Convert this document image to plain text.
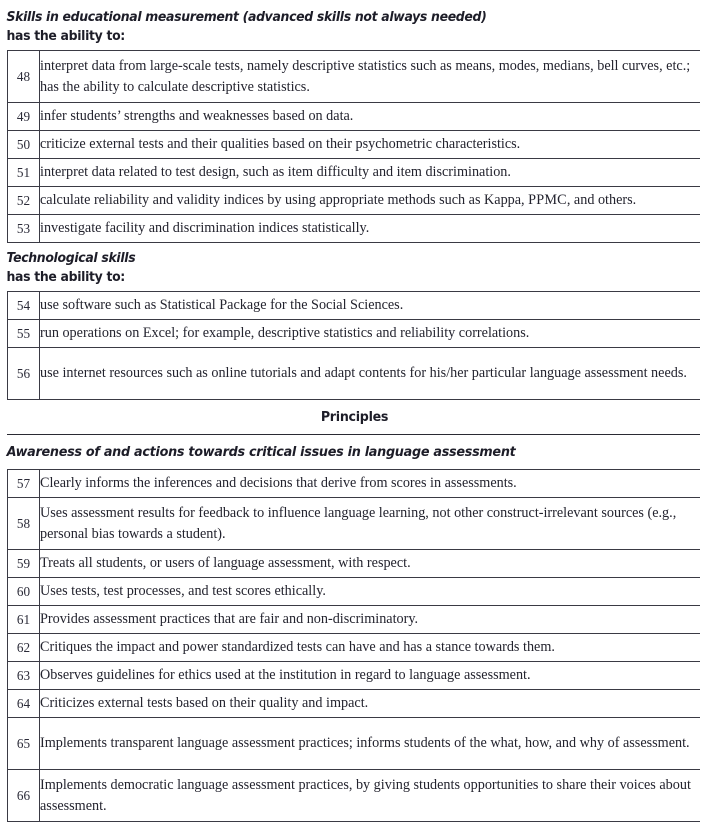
Skills in educational measurement (advanced skills not always needed)
has the ability to:
48	interpret data from large-scale tests, namely descriptive statistics such as means, modes, medians, bell curves, etc.; has the ability to calculate descriptive statistics.
49	infer students’ strengths and weaknesses based on data.
50	criticize external tests and their qualities based on their psychometric characteristics.
51	interpret data related to test design, such as item difficulty and item discrimination.
52	calculate reliability and validity indices by using appropriate methods such as Kappa, PPMC, and others.
53	investigate facility and discrimination indices statistically.
Technological skills
has the ability to:
54	use software such as Statistical Package for the Social Sciences.
55	run operations on Excel; for example, descriptive statistics and reliability correlations.
56	use internet resources such as online tutorials and adapt contents for his/her particular language assessment needs.
Principles
Awareness of and actions towards critical issues in language assessment
57	Clearly informs the inferences and decisions that derive from scores in assessments.
58	Uses assessment results for feedback to influence language learning, not other construct-irrelevant sources (e.g., personal bias towards a student).
59	Treats all students, or users of language assessment, with respect.
60	Uses tests, test processes, and test scores ethically.
61	Provides assessment practices that are fair and non-discriminatory.
62	Critiques the impact and power standardized tests can have and has a stance towards them.
63	Observes guidelines for ethics used at the institution in regard to language assessment.
64	Criticizes external tests based on their quality and impact.
65	Implements transparent language assessment practices; informs students of the what, how, and why of assessment.
66	Implements democratic language assessment practices, by giving students opportunities to share their voices about assessment.
